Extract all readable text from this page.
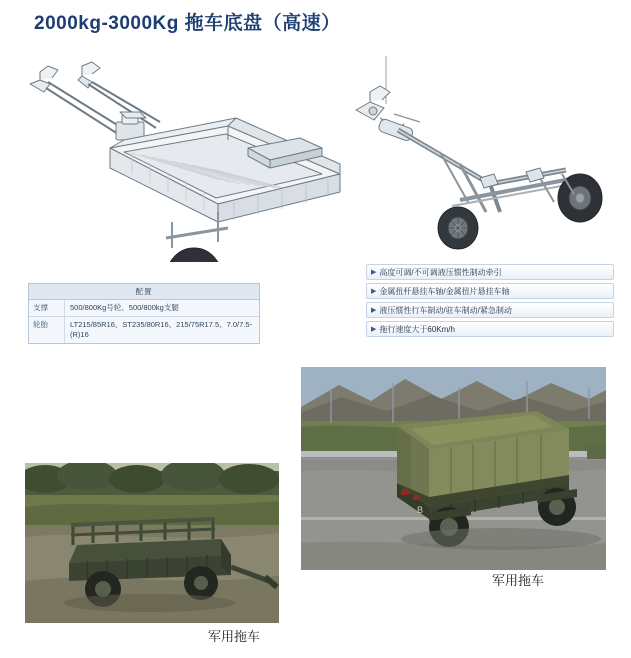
2000kg-3000Kg 拖车底盘（高速）
配置
支撑	500/800Kg号轮、500/800kg支腿
轮胎	LT215/85R16、ST235/80R16、215/75R17.5、7.0/7.5-(R)16
▶ 高度可调/不可调液压惯性制动牵引
▶ 金属扭杆悬挂车轴/金属扭片悬挂车轴
▶ 液压惯性行车制动/驻车制动/紧急制动
▶ 拖行速度大于60Km/h
B
军用拖车
军用拖车
